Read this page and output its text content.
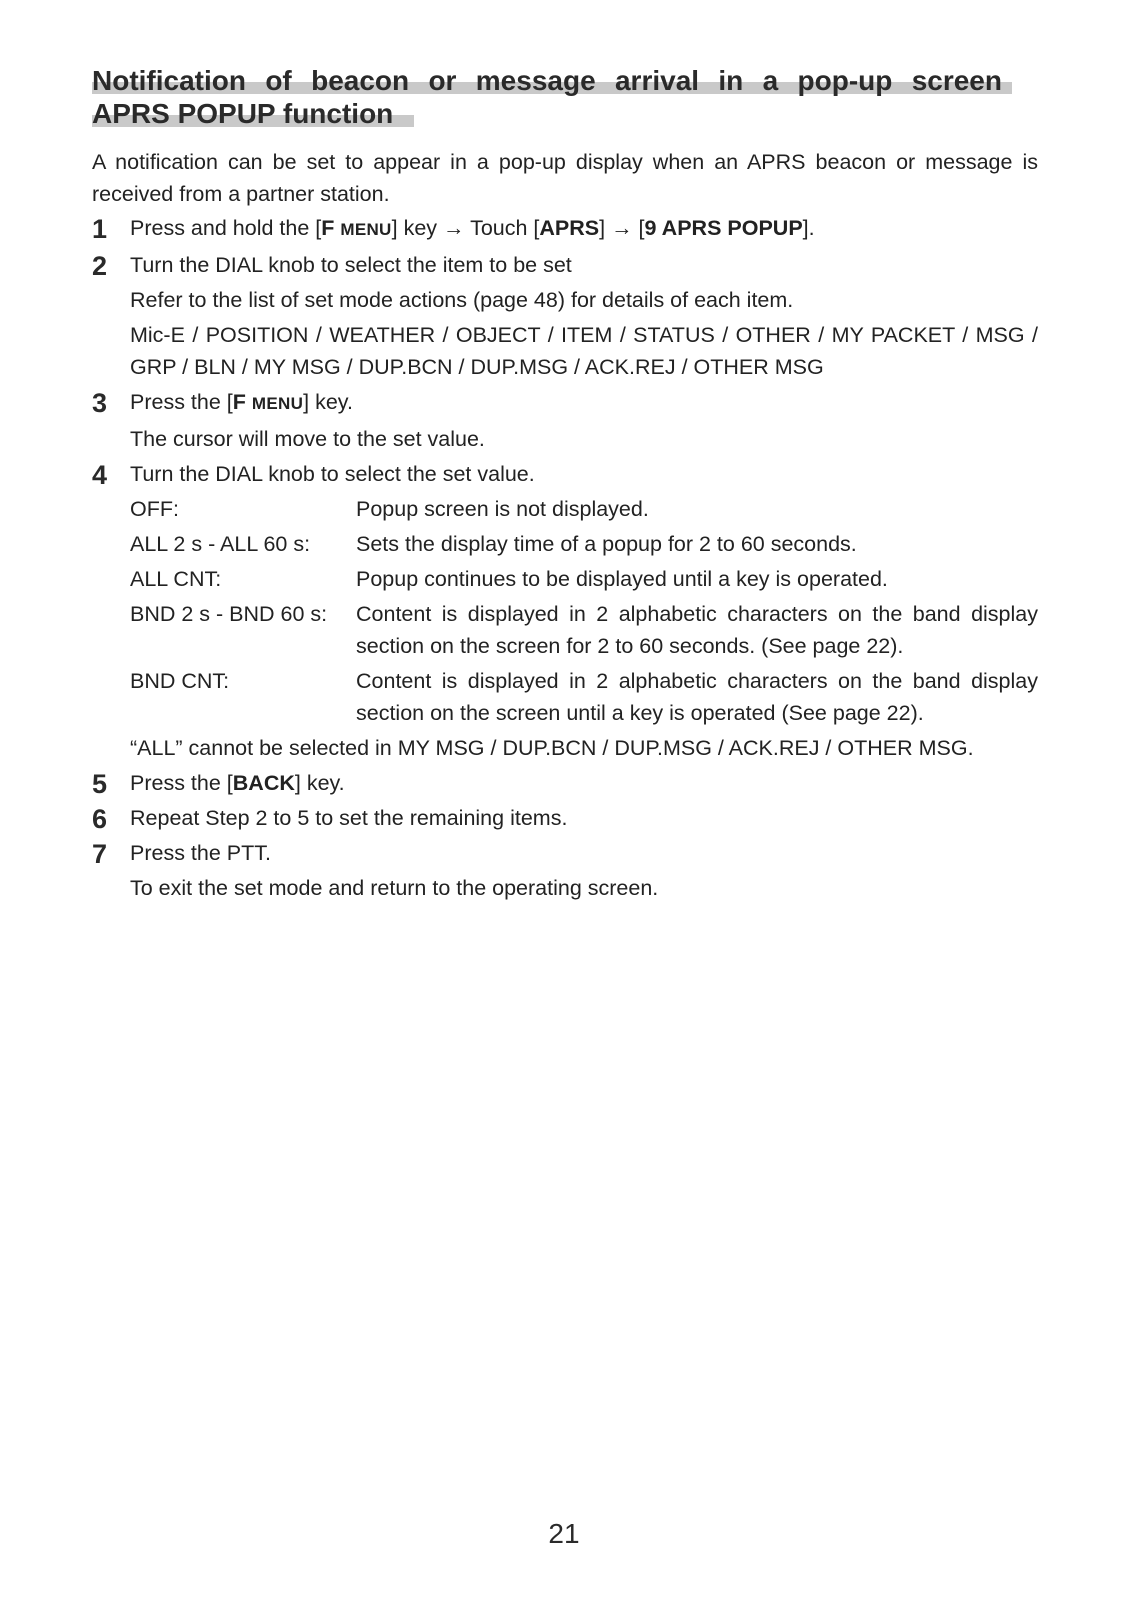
Notification of beacon or message arrival in a pop-up screen
APRS POPUP function

A notification can be set to appear in a pop-up display when an APRS beacon or message is received from a partner station.

1 Press and hold the [F MENU] key → Touch [APRS] → [9 APRS POPUP].
2 Turn the DIAL knob to select the item to be set
Refer to the list of set mode actions (page 48) for details of each item.
Mic-E / POSITION / WEATHER / OBJECT / ITEM / STATUS / OTHER / MY PACKET / MSG / GRP / BLN / MY MSG / DUP.BCN / DUP.MSG / ACK.REJ / OTHER MSG
3 Press the [F MENU] key.
The cursor will move to the set value.
4 Turn the DIAL knob to select the set value.
OFF:	Popup screen is not displayed.
ALL 2 s - ALL 60 s:	Sets the display time of a popup for 2 to 60 seconds.
ALL CNT:	Popup continues to be displayed until a key is operated.
BND 2 s - BND 60 s:	Content is displayed in 2 alphabetic characters on the band display section on the screen for 2 to 60 seconds. (See page 22).
BND CNT:	Content is displayed in 2 alphabetic characters on the band display section on the screen until a key is operated (See page 22).
“ALL” cannot be selected in MY MSG / DUP.BCN / DUP.MSG / ACK.REJ / OTHER MSG.
5 Press the [BACK] key.
6 Repeat Step 2 to 5 to set the remaining items.
7 Press the PTT.
To exit the set mode and return to the operating screen.
21
